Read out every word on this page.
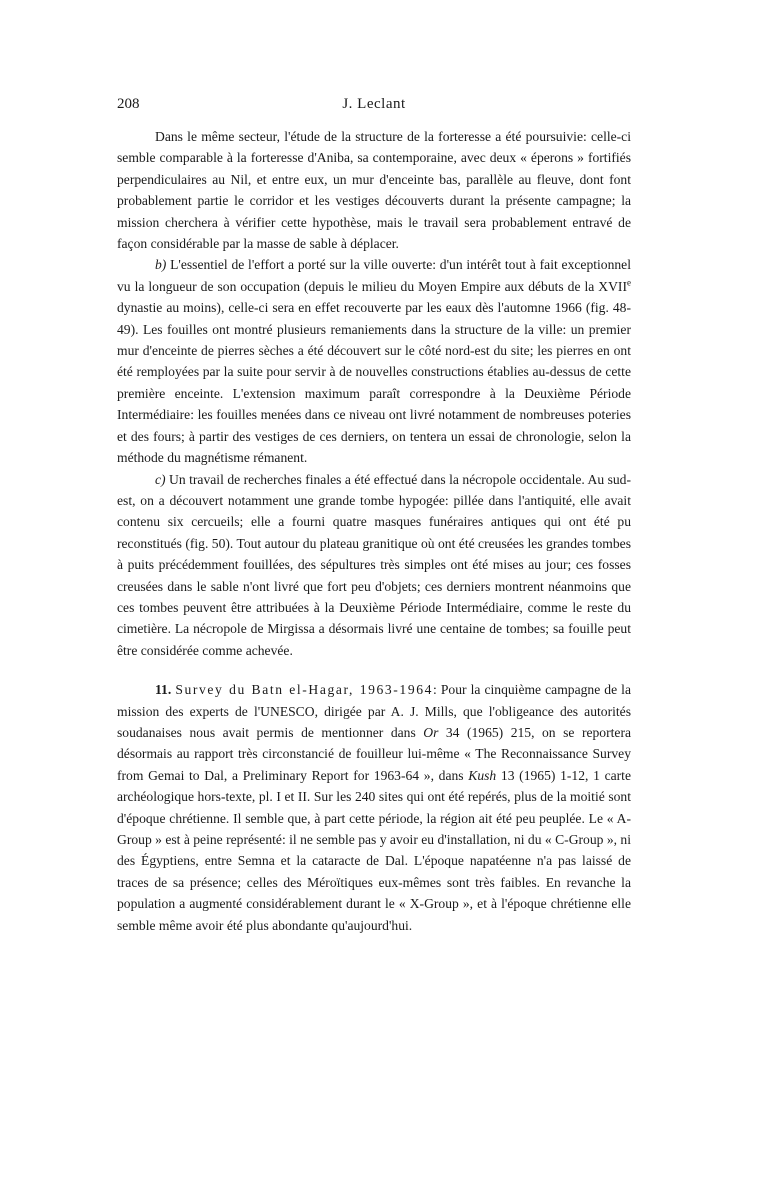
208	J. Leclant

Dans le même secteur, l'étude de la structure de la forteresse a été poursuivie: celle-ci semble comparable à la forteresse d'Aniba, sa contemporaine, avec deux « éperons » fortifiés perpendiculaires au Nil, et entre eux, un mur d'enceinte bas, parallèle au fleuve, dont font probablement partie le corridor et les vestiges découverts durant la présente campagne; la mission cherchera à vérifier cette hypothèse, mais le travail sera probablement entravé de façon considérable par la masse de sable à déplacer.

b) L'essentiel de l'effort a porté sur la ville ouverte: d'un intérêt tout à fait exceptionnel vu la longueur de son occupation (depuis le milieu du Moyen Empire aux débuts de la XVIIe dynastie au moins), celle-ci sera en effet recouverte par les eaux dès l'automne 1966 (fig. 48-49). Les fouilles ont montré plusieurs remaniements dans la structure de la ville: un premier mur d'enceinte de pierres sèches a été découvert sur le côté nord-est du site; les pierres en ont été remployées par la suite pour servir à de nouvelles constructions établies au-dessus de cette première enceinte. L'extension maximum paraît correspondre à la Deuxième Période Intermédiaire: les fouilles menées dans ce niveau ont livré notamment de nombreuses poteries et des fours; à partir des vestiges de ces derniers, on tentera un essai de chronologie, selon la méthode du magnétisme rémanent.

c) Un travail de recherches finales a été effectué dans la nécropole occidentale. Au sud-est, on a découvert notamment une grande tombe hypogée: pillée dans l'antiquité, elle avait contenu six cercueils; elle a fourni quatre masques funéraires antiques qui ont été pu reconstitués (fig. 50). Tout autour du plateau granitique où ont été creusées les grandes tombes à puits précédemment fouillées, des sépultures très simples ont été mises au jour; ces fosses creusées dans le sable n'ont livré que fort peu d'objets; ces derniers montrent néanmoins que ces tombes peuvent être attribuées à la Deuxième Période Intermédiaire, comme le reste du cimetière. La nécropole de Mirgissa a désormais livré une centaine de tombes; sa fouille peut être considérée comme achevée.

11. Survey du Batn el-Hagar, 1963-1964: Pour la cinquième campagne de la mission des experts de l'UNESCO, dirigée par A. J. Mills, que l'obligeance des autorités soudanaises nous avait permis de mentionner dans Or 34 (1965) 215, on se reportera désormais au rapport très circonstancié de fouilleur lui-même « The Reconnaissance Survey from Gemai to Dal, a Preliminary Report for 1963-64 », dans Kush 13 (1965) 1-12, 1 carte archéologique hors-texte, pl. I et II. Sur les 240 sites qui ont été repérés, plus de la moitié sont d'époque chrétienne. Il semble que, à part cette période, la région ait été peu peuplée. Le « A-Group » est à peine représenté: il ne semble pas y avoir eu d'installation, ni du « C-Group », ni des Égyptiens, entre Semna et la cataracte de Dal. L'époque napatéenne n'a pas laissé de traces de sa présence; celles des Méroïtiques eux-mêmes sont très faibles. En revanche la population a augmenté considérablement durant le « X-Group », et à l'époque chrétienne elle semble même avoir été plus abondante qu'aujourd'hui.
